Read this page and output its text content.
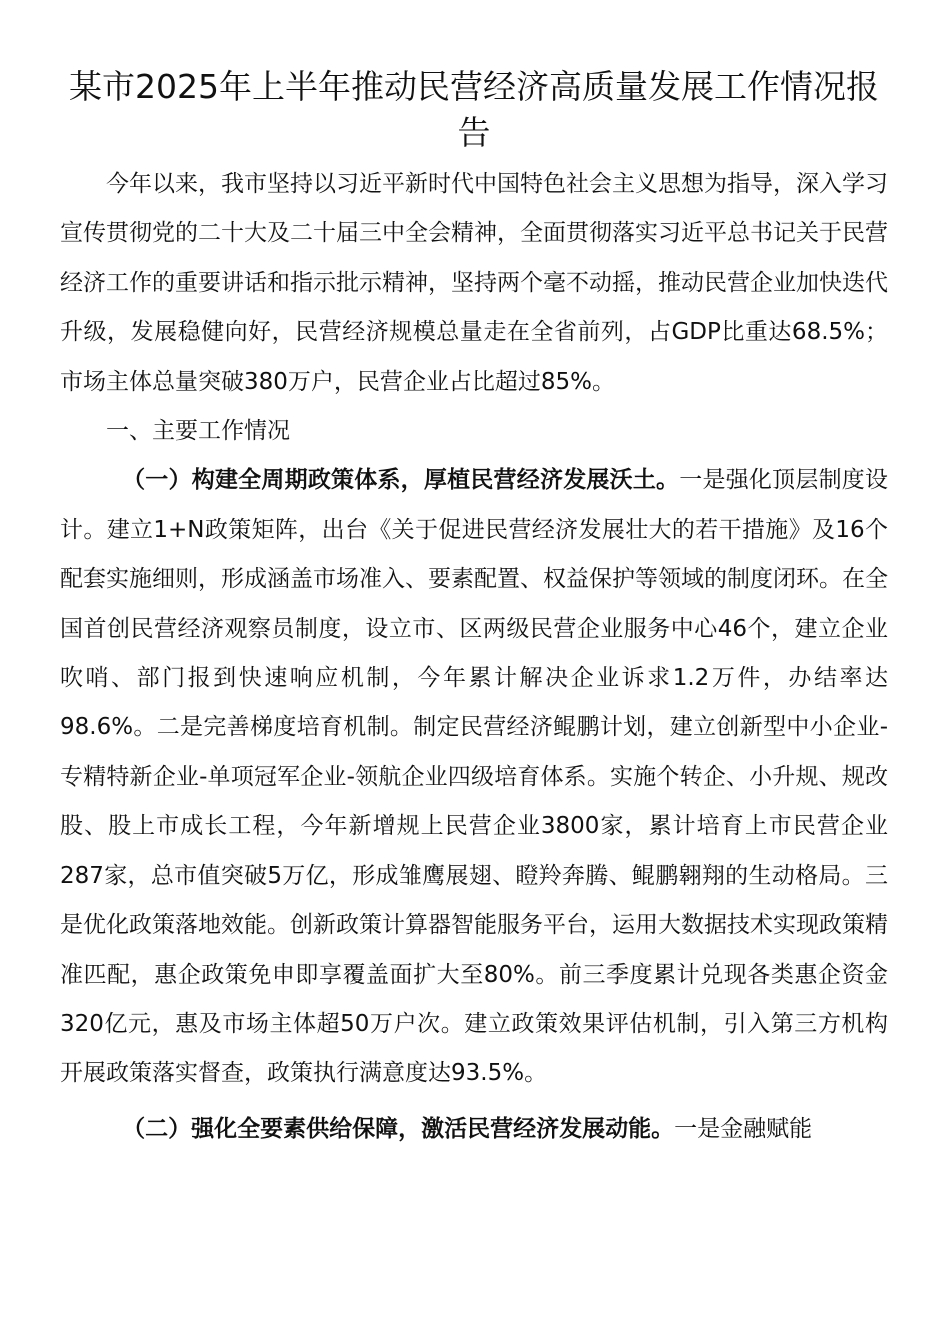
某市2025年上半年推动民营经济高质量发展工作情况报告

今年以来，我市坚持以习近平新时代中国特色社会主义思想为指导，深入学习宣传贯彻党的二十大及二十届三中全会精神，全面贯彻落实习近平总书记关于民营经济工作的重要讲话和指示批示精神，坚持两个毫不动摇，推动民营企业加快迭代升级，发展稳健向好，民营经济规模总量走在全省前列，占GDP比重达68.5%；市场主体总量突破380万户，民营企业占比超过85%。

一、主要工作情况

（一）构建全周期政策体系，厚植民营经济发展沃土。一是强化顶层制度设计。建立1+N政策矩阵，出台《关于促进民营经济发展壮大的若干措施》及16个配套实施细则，形成涵盖市场准入、要素配置、权益保护等领域的制度闭环。在全国首创民营经济观察员制度，设立市、区两级民营企业服务中心46个，建立企业吹哨、部门报到快速响应机制，今年累计解决企业诉求1.2万件，办结率达98.6%。二是完善梯度培育机制。制定民营经济鲲鹏计划，建立创新型中小企业-专精特新企业-单项冠军企业-领航企业四级培育体系。实施个转企、小升规、规改股、股上市成长工程，今年新增规上民营企业3800家，累计培育上市民营企业287家，总市值突破5万亿，形成雏鹰展翅、瞪羚奔腾、鲲鹏翱翔的生动格局。三是优化政策落地效能。创新政策计算器智能服务平台，运用大数据技术实现政策精准匹配，惠企政策免申即享覆盖面扩大至80%。前三季度累计兑现各类惠企资金320亿元，惠及市场主体超50万户次。建立政策效果评估机制，引入第三方机构开展政策落实督查，政策执行满意度达93.5%。

（二）强化全要素供给保障，激活民营经济发展动能。一是金融赋能
